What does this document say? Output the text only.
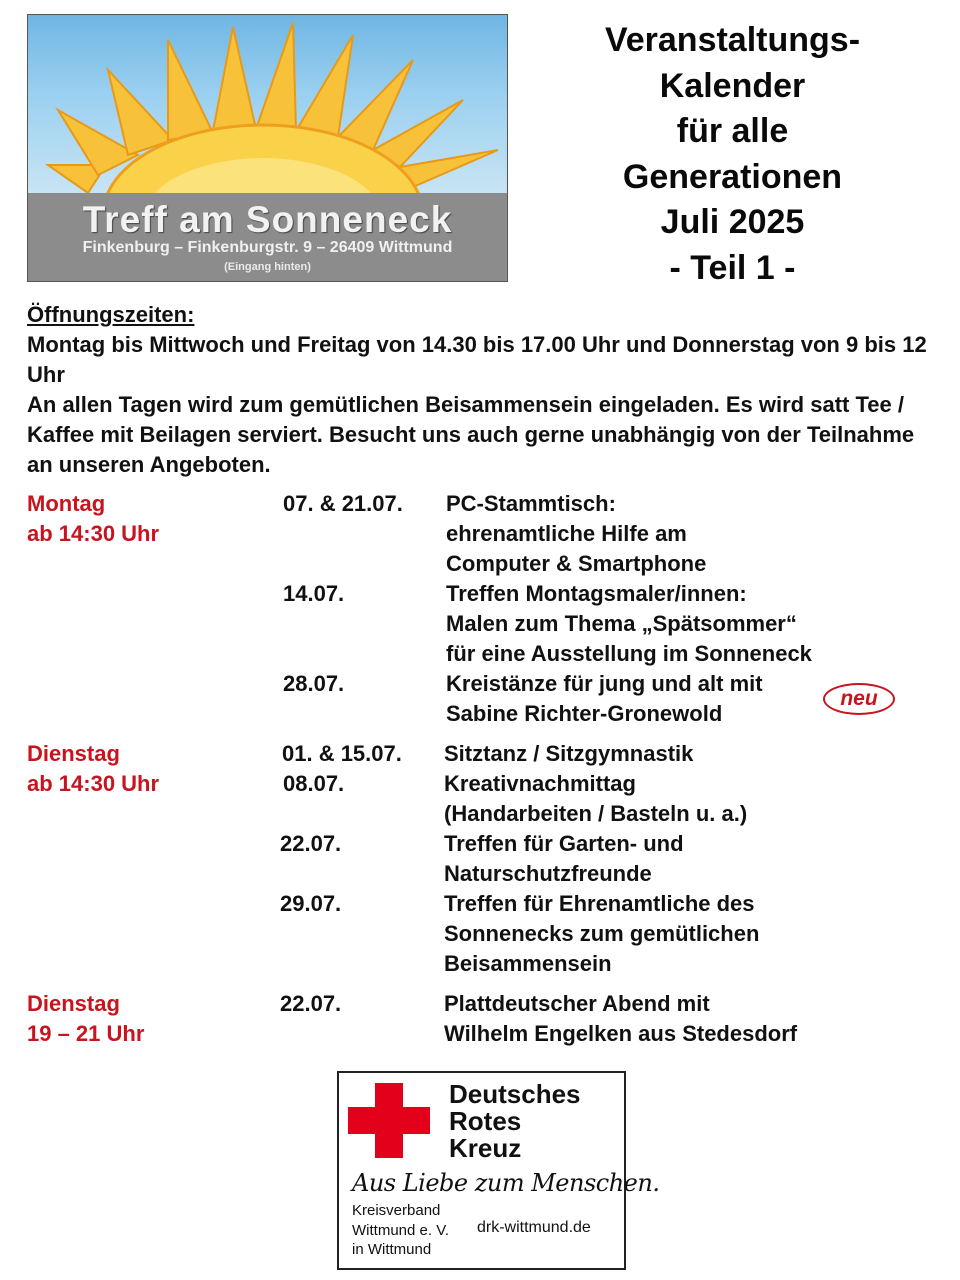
Treff am Sonneneck
Finkenburg – Finkenburgstr. 9 – 26409 Wittmund
(Eingang hinten)
Veranstaltungs-
Kalender
für alle
Generationen
Juli 2025
- Teil 1 -
Öffnungszeiten:

Montag bis Mittwoch und Freitag von 14.30 bis 17.00 Uhr und Donnerstag von 9 bis 12 Uhr

An allen Tagen wird zum gemütlichen Beisammensein eingeladen. Es wird satt Tee / Kaffee mit Beilagen serviert. Besucht uns auch gerne unabhängig von der Teilnahme an unseren Angeboten.

Montag
ab 14:30 Uhr
07. & 21.07. PC-Stammtisch:
ehrenamtliche Hilfe am
Computer & Smartphone
14.07.	Treffen Montagsmaler/innen:
Malen zum Thema „Spätsommer“
für eine Ausstellung im Sonneneck
28.07.	Kreistänze für jung und alt mit
Sabine Richter-Gronewold
neu
Dienstag
ab 14:30 Uhr
01. & 15.07. Sitztanz / Sitzgymnastik
08.07.	Kreativnachmittag
(Handarbeiten / Basteln u. a.)
22.07.	Treffen für Garten- und
Naturschutzfreunde
29.07.	Treffen für Ehrenamtliche des
Sonnenecks zum gemütlichen
Beisammensein
Dienstag
19 – 21 Uhr
22.07.	Plattdeutscher Abend mit
Wilhelm Engelken aus Stedesdorf
Deutsches
Rotes
Kreuz
Aus Liebe zum Menschen.
Kreisverband
Wittmund e. V.
in Wittmund
drk-wittmund.de
